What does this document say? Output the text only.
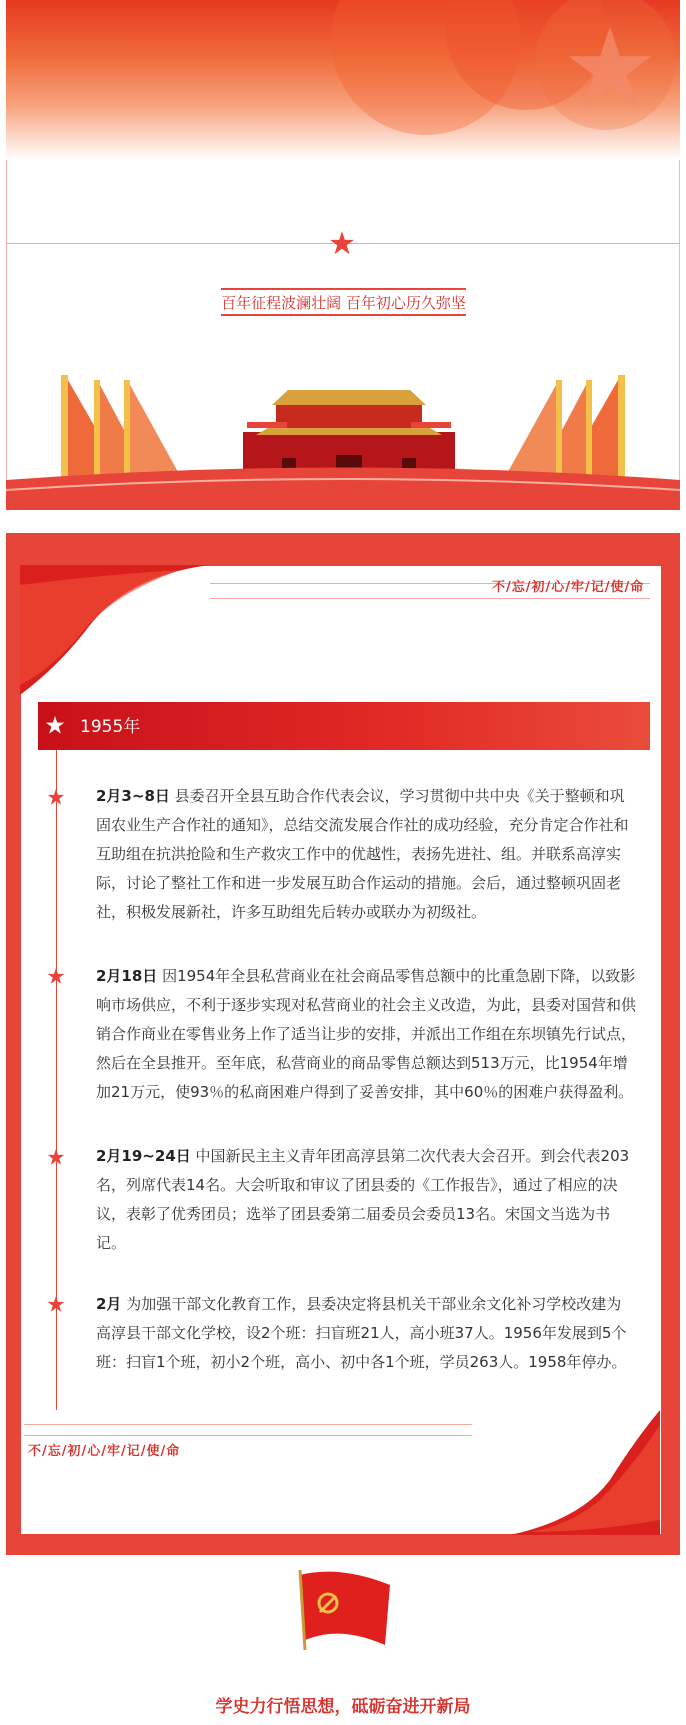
百年征程波澜壮阔 百年初心历久弥坚
不/忘/初/心/牢/记/使/命
1955年
2月3~8日 县委召开全县互助合作代表会议，学习贯彻中共中央《关于整顿和巩固农业生产合作社的通知》，总结交流发展合作社的成功经验，充分肯定合作社和互助组在抗洪抢险和生产救灾工作中的优越性，表扬先进社、组。并联系高淳实际，讨论了整社工作和进一步发展互助合作运动的措施。会后，通过整顿巩固老社，积极发展新社，许多互助组先后转办或联办为初级社。
2月18日 因1954年全县私营商业在社会商品零售总额中的比重急剧下降，以致影响市场供应，不利于逐步实现对私营商业的社会主义改造，为此，县委对国营和供销合作商业在零售业务上作了适当让步的安排，并派出工作组在东坝镇先行试点，然后在全县推开。至年底，私营商业的商品零售总额达到513万元，比1954年增加21万元，使93％的私商困难户得到了妥善安排，其中60％的困难户获得盈利。
2月19~24日 中国新民主主义青年团高淳县第二次代表大会召开。到会代表203名，列席代表14名。大会听取和审议了团县委的《工作报告》，通过了相应的决议，表彰了优秀团员；选举了团县委第二届委员会委员13名。宋国文当选为书记。
2月 为加强干部文化教育工作，县委决定将县机关干部业余文化补习学校改建为高淳县干部文化学校，设2个班：扫盲班21人，高小班37人。1956年发展到5个班：扫盲1个班，初小2个班，高小、初中各1个班，学员263人。1958年停办。
不/忘/初/心/牢/记/使/命
学史力行悟思想，砥砺奋进开新局
